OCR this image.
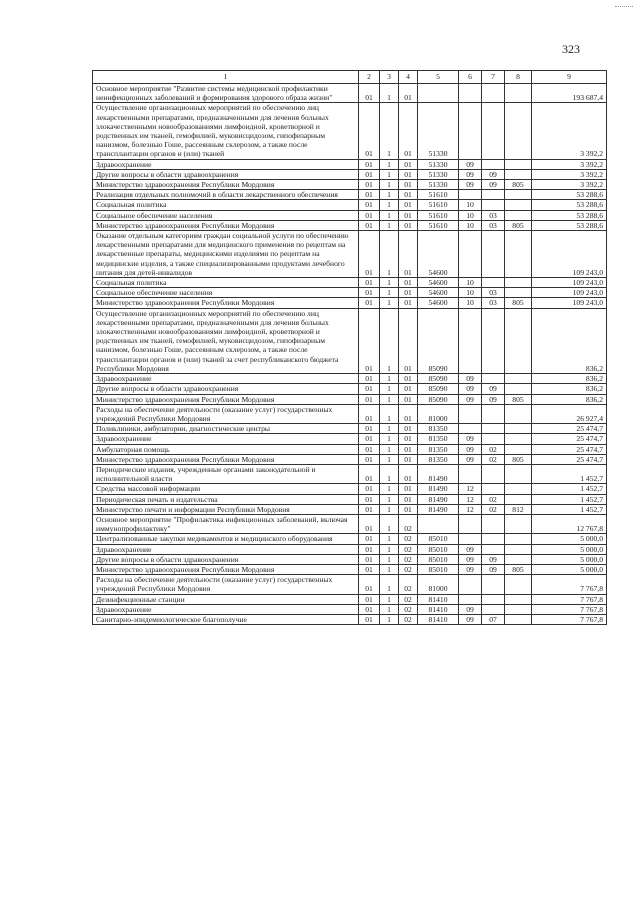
323
1	2	3	4	5	6	7	8	9
Основное мероприятие "Развитие системы медицинской профилактики неинфекционных заболеваний и формирования здорового образа жизни"	01	1	01					193 687,4
Осуществление организационных мероприятий по обеспечению лиц лекарственными препаратами, предназначенными для лечения больных злокачественными новообразованиями лимфоидной, кроветворной и родственных им тканей, гемофилией, муковисцидозом, гипофизарным нанизмом, болезнью Гоше, рассеянным склерозом, а также после трансплантации органов и (или) тканей	01	1	01	51330				3 392,2
Здравоохранение	01	1	01	51330	09			3 392,2
Другие вопросы в области здравоохранения	01	1	01	51330	09	09		3 392,2
Министерство здравоохранения Республики Мордовия	01	1	01	51330	09	09	805	3 392,2
Реализация отдельных полномочий в области лекарственного обеспечения	01	1	01	51610				53 288,6
Социальная политика	01	1	01	51610	10			53 288,6
Социальное обеспечение населения	01	1	01	51610	10	03		53 288,6
Министерство здравоохранения Республики Мордовия	01	1	01	51610	10	03	805	53 288,6
Оказание отдельным категориям граждан социальной услуги по обеспечению лекарственными препаратами для медицинского применения по рецептам на лекарственные препараты, медицинскими изделиями по рецептам на медицинские изделия, а также специализированными продуктами лечебного питания для детей-инвалидов	01	1	01	54600				109 243,0
Социальная политика	01	1	01	54600	10			109 243,0
Социальное обеспечение населения	01	1	01	54600	10	03		109 243,0
Министерство здравоохранения Республики Мордовия	01	1	01	54600	10	03	805	109 243,0
Осуществление организационных мероприятий по обеспечению лиц лекарственными препаратами, предназначенными для лечения больных злокачественными новообразованиями лимфоидной, кроветворной и родственных им тканей, гемофилией, муковисцидозом, гипофизарным нанизмом, болезнью Гоше, рассеянным склерозом, а также после трансплантации органов и (или) тканей за счет республиканского бюджета Республики Мордовия	01	1	01	85090				836,2
Здравоохранение	01	1	01	85090	09			836,2
Другие вопросы в области здравоохранения	01	1	01	85090	09	09		836,2
Министерство здравоохранения Республики Мордовия	01	1	01	85090	09	09	805	836,2
Расходы на обеспечение деятельности (оказание услуг) государственных учреждений Республики Мордовия	01	1	01	81000				26 927,4
Поликлиники, амбулатории, диагностические центры	01	1	01	81350				25 474,7
Здравоохранение	01	1	01	81350	09			25 474,7
Амбулаторная помощь	01	1	01	81350	09	02		25 474,7
Министерство здравоохранения Республики Мордовия	01	1	01	81350	09	02	805	25 474,7
Периодические издания, учрежденные органами законодательной и исполнительной власти	01	1	01	81490				1 452,7
Средства массовой информации	01	1	01	81490	12			1 452,7
Периодическая печать и издательства	01	1	01	81490	12	02		1 452,7
Министерство печати и информации Республики Мордовия	01	1	01	81490	12	02	812	1 452,7
Основное мероприятие "Профилактика инфекционных заболеваний, включая иммунопрофилактику"	01	1	02					12 767,8
Централизованные закупки медикаментов и медицинского оборудования	01	1	02	85010				5 000,0
Здравоохранение	01	1	02	85010	09			5 000,0
Другие вопросы в области здравоохранения	01	1	02	85010	09	09		5 000,0
Министерство здравоохранения Республики Мордовия	01	1	02	85010	09	09	805	5 000,0
Расходы на обеспечение деятельности (оказание услуг) государственных учреждений Республики Мордовия	01	1	02	81000				7 767,8
Дезинфекционные станции	01	1	02	81410				7 767,8
Здравоохранение	01	1	02	81410	09			7 767,8
Санитарно-эпидемиологическое благополучие	01	1	02	81410	09	07		7 767,8
